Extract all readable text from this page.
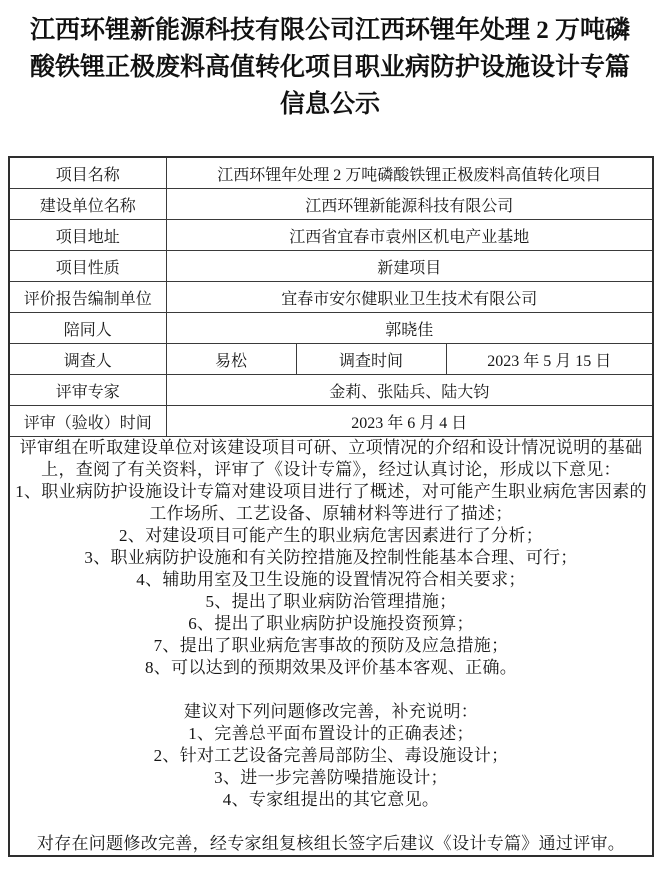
江西环锂新能源科技有限公司江西环锂年处理 2 万吨磷
酸铁锂正极废料高值转化项目职业病防护设施设计专篇
信息公示
项目名称	江西环锂年处理 2 万吨磷酸铁锂正极废料高值转化项目		
建设单位名称	江西环锂新能源科技有限公司		
项目地址	江西省宜春市袁州区机电产业基地		
项目性质	新建项目		
评价报告编制单位	宜春市安尔健职业卫生技术有限公司		
陪同人	郭晓佳		
调查人	易松	调查时间	2023 年 5 月 15 日
评审专家	金莉、张陆兵、陆大钧		
评审（验收）时间	2023 年 6 月 4 日		

评审组在听取建设单位对该建设项目可研、立项情况的介绍和设计情况说明的基础
上，查阅了有关资料，评审了《设计专篇》，经过认真讨论，形成以下意见：
1、职业病防护设施设计专篇对建设项目进行了概述，对可能产生职业病危害因素的
工作场所、工艺设备、原辅材料等进行了描述；
2、对建设项目可能产生的职业病危害因素进行了分析；
3、职业病防护设施和有关防控措施及控制性能基本合理、可行；
4、辅助用室及卫生设施的设置情况符合相关要求；
5、提出了职业病防治管理措施；
6、提出了职业病防护设施投资预算；
7、提出了职业病危害事故的预防及应急措施；
8、可以达到的预期效果及评价基本客观、正确。
建议对下列问题修改完善，补充说明：
1、完善总平面布置设计的正确表述；
2、针对工艺设备完善局部防尘、毒设施设计；
3、进一步完善防噪措施设计；
4、专家组提出的其它意见。
对存在问题修改完善，经专家组复核组长签字后建议《设计专篇》通过评审。
